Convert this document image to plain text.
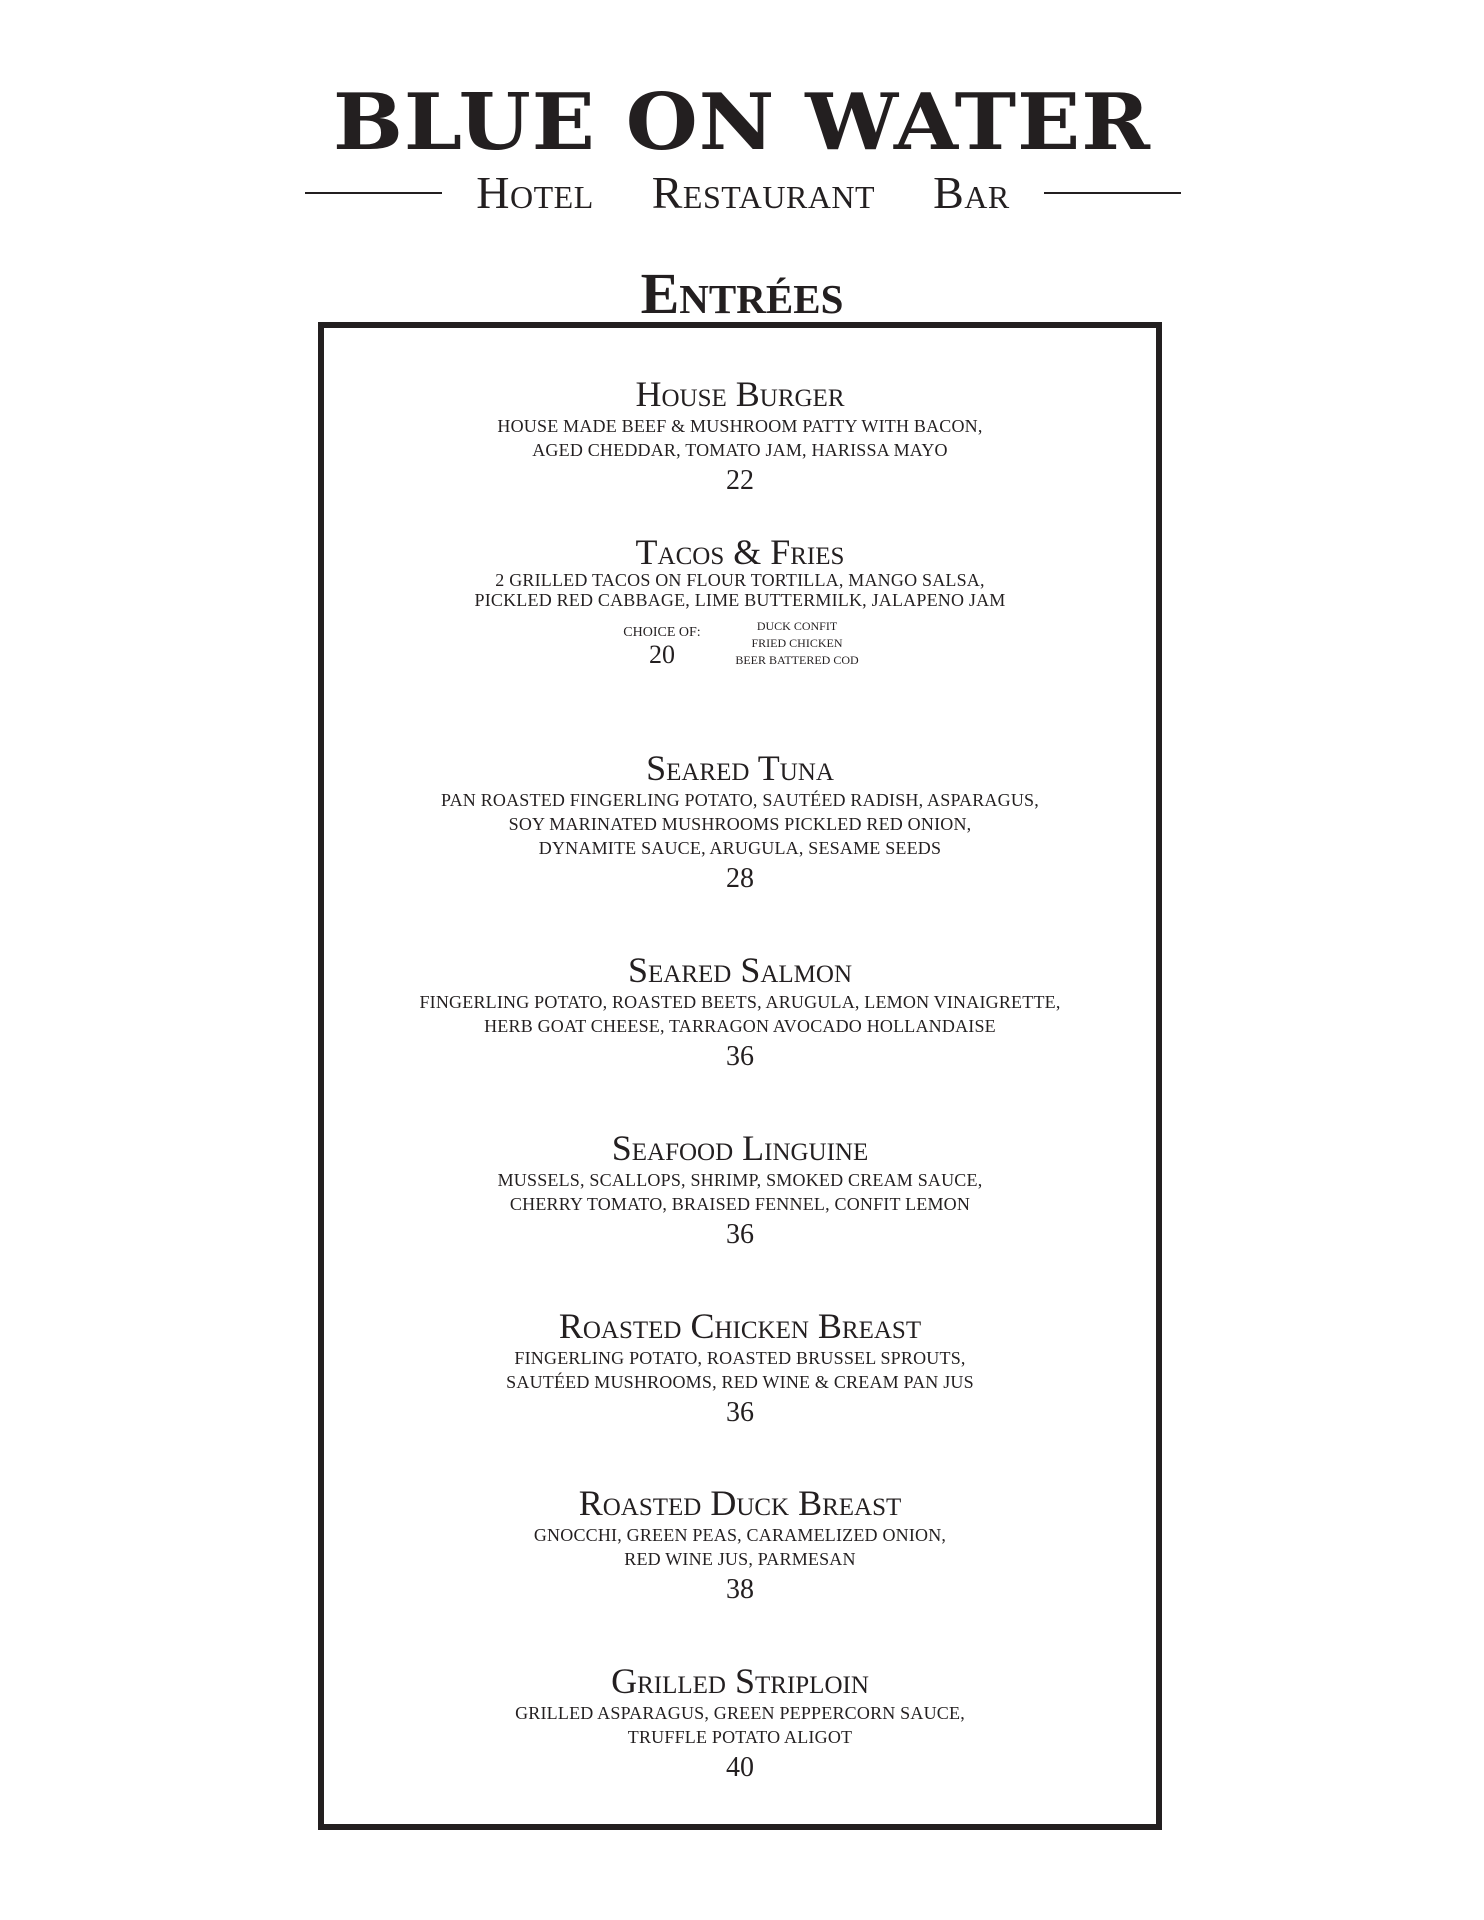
BLUE ON WATER
Hotel Restaurant Bar
Entrées

House Burger

HOUSE MADE BEEF & MUSHROOM PATTY WITH BACON,

AGED CHEDDAR, TOMATO JAM, HARISSA MAYO

22

Tacos & Fries

2 GRILLED TACOS ON FLOUR TORTILLA, MANGO SALSA,

PICKLED RED CABBAGE, LIME BUTTERMILK, JALAPENO JAM

CHOICE OF:

20

DUCK CONFIT

FRIED CHICKEN

BEER BATTERED COD

Seared Tuna

PAN ROASTED FINGERLING POTATO, SAUTÉED RADISH, ASPARAGUS,

SOY MARINATED MUSHROOMS PICKLED RED ONION,

DYNAMITE SAUCE, ARUGULA, SESAME SEEDS

28

Seared Salmon

FINGERLING POTATO, ROASTED BEETS, ARUGULA, LEMON VINAIGRETTE,

HERB GOAT CHEESE, TARRAGON AVOCADO HOLLANDAISE

36

Seafood Linguine

MUSSELS, SCALLOPS, SHRIMP, SMOKED CREAM SAUCE,

CHERRY TOMATO, BRAISED FENNEL, CONFIT LEMON

36

Roasted Chicken Breast

FINGERLING POTATO, ROASTED BRUSSEL SPROUTS,

SAUTÉED MUSHROOMS, RED WINE & CREAM PAN JUS

36

Roasted Duck Breast

GNOCCHI, GREEN PEAS, CARAMELIZED ONION,

RED WINE JUS, PARMESAN

38

Grilled Striploin

GRILLED ASPARAGUS, GREEN PEPPERCORN SAUCE,

TRUFFLE POTATO ALIGOT

40
